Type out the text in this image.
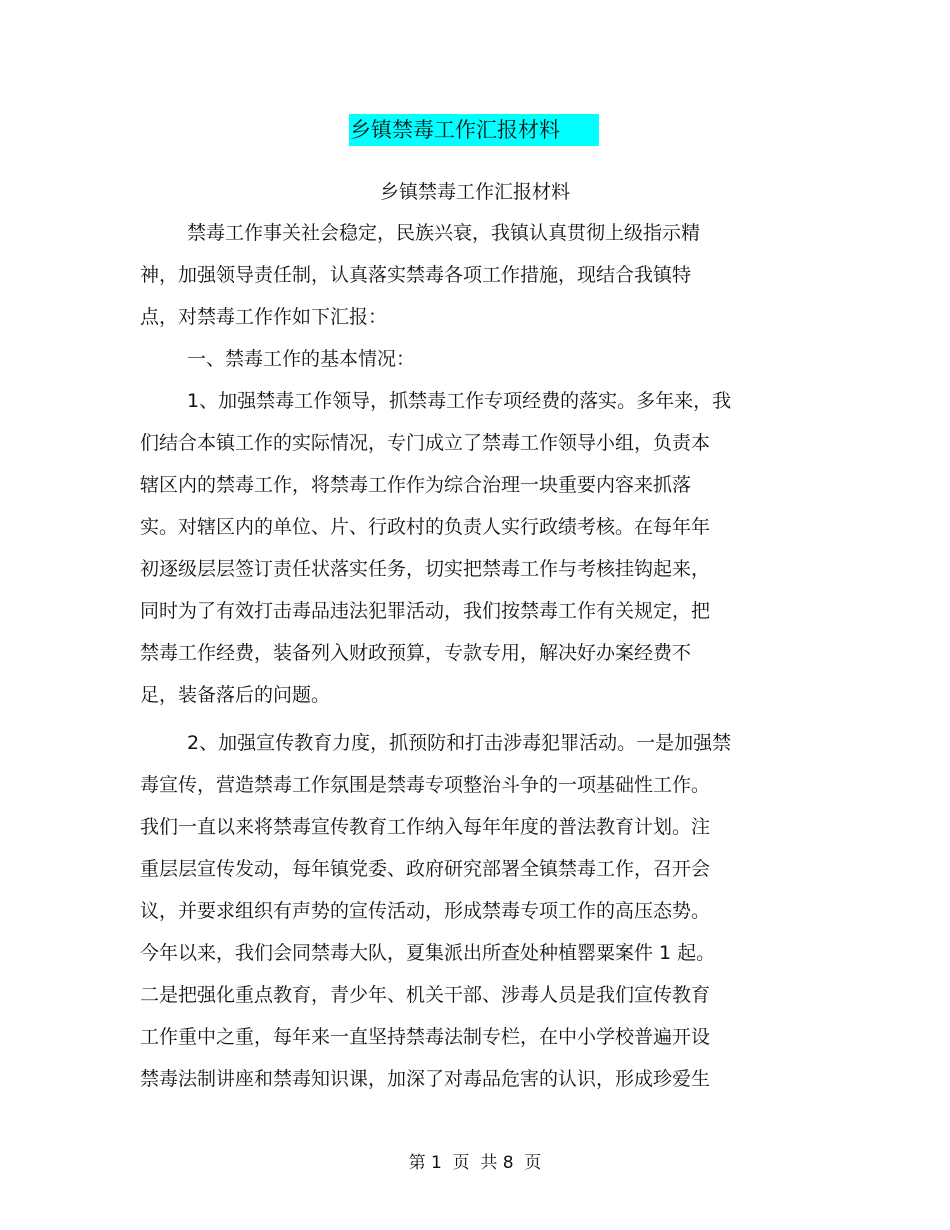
乡镇禁毒工作汇报材料
乡镇禁毒工作汇报材料
禁毒工作事关社会稳定，民族兴衰，我镇认真贯彻上级指示精
神，加强领导责任制，认真落实禁毒各项工作措施，现结合我镇特
点，对禁毒工作作如下汇报：
一、禁毒工作的基本情况：
1、加强禁毒工作领导，抓禁毒工作专项经费的落实。多年来，我
们结合本镇工作的实际情况，专门成立了禁毒工作领导小组，负责本
辖区内的禁毒工作，将禁毒工作作为综合治理一块重要内容来抓落
实。对辖区内的单位、片、行政村的负责人实行政绩考核。在每年年
初逐级层层签订责任状落实任务，切实把禁毒工作与考核挂钩起来，
同时为了有效打击毒品违法犯罪活动，我们按禁毒工作有关规定，把
禁毒工作经费，装备列入财政预算，专款专用，解决好办案经费不
足，装备落后的问题。
2、加强宣传教育力度，抓预防和打击涉毒犯罪活动。一是加强禁
毒宣传，营造禁毒工作氛围是禁毒专项整治斗争的一项基础性工作。
我们一直以来将禁毒宣传教育工作纳入每年年度的普法教育计划。注
重层层宣传发动，每年镇党委、政府研究部署全镇禁毒工作，召开会
议，并要求组织有声势的宣传活动，形成禁毒专项工作的高压态势。
今年以来，我们会同禁毒大队，夏集派出所查处种植罂粟案件 1 起。
二是把强化重点教育，青少年、机关干部、涉毒人员是我们宣传教育
工作重中之重，每年来一直坚持禁毒法制专栏，在中小学校普遍开设
禁毒法制讲座和禁毒知识课，加深了对毒品危害的认识，形成珍爱生
第 1  页  共 8  页
